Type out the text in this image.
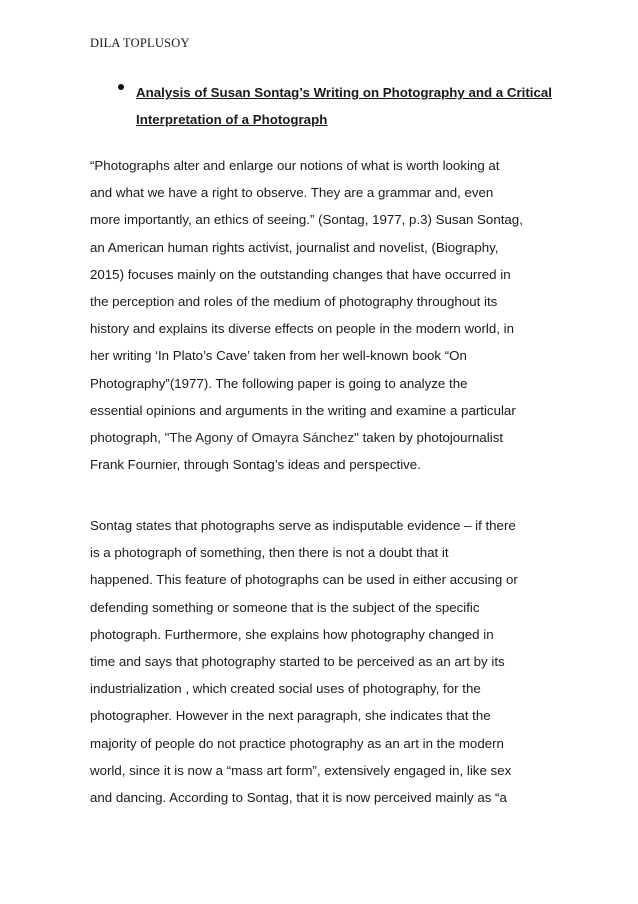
DILA TOPLUSOY
Analysis of Susan Sontag’s Writing on Photography and a Critical Interpretation of a Photograph
“Photographs alter and enlarge our notions of what is worth looking at
and what we have a right to observe. They are a grammar and, even
more importantly, an ethics of seeing.” (Sontag, 1977, p.3) Susan Sontag,
an American human rights activist, journalist and novelist, (Biography,
2015) focuses mainly on the outstanding changes that have occurred in
the perception and roles of the medium of photography throughout its
history and explains its diverse effects on people in the modern world, in
her writing ‘In Plato’s Cave’ taken from her well-known book “On
Photography”(1977). The following paper is going to analyze the
essential opinions and arguments in the writing and examine a particular
photograph, "The Agony of Omayra Sánchez" taken by photojournalist
Frank Fournier, through Sontag’s ideas and perspective.
Sontag states that photographs serve as indisputable evidence – if there
is a photograph of something, then there is not a doubt that it
happened. This feature of photographs can be used in either accusing or
defending something or someone that is the subject of the specific
photograph. Furthermore, she explains how photography changed in
time and says that photography started to be perceived as an art by its
industrialization , which created social uses of photography, for the
photographer. However in the next paragraph, she indicates that the
majority of people do not practice photography as an art in the modern
world, since it is now a “mass art form”, extensively engaged in, like sex
and dancing. According to Sontag, that it is now perceived mainly as “a
